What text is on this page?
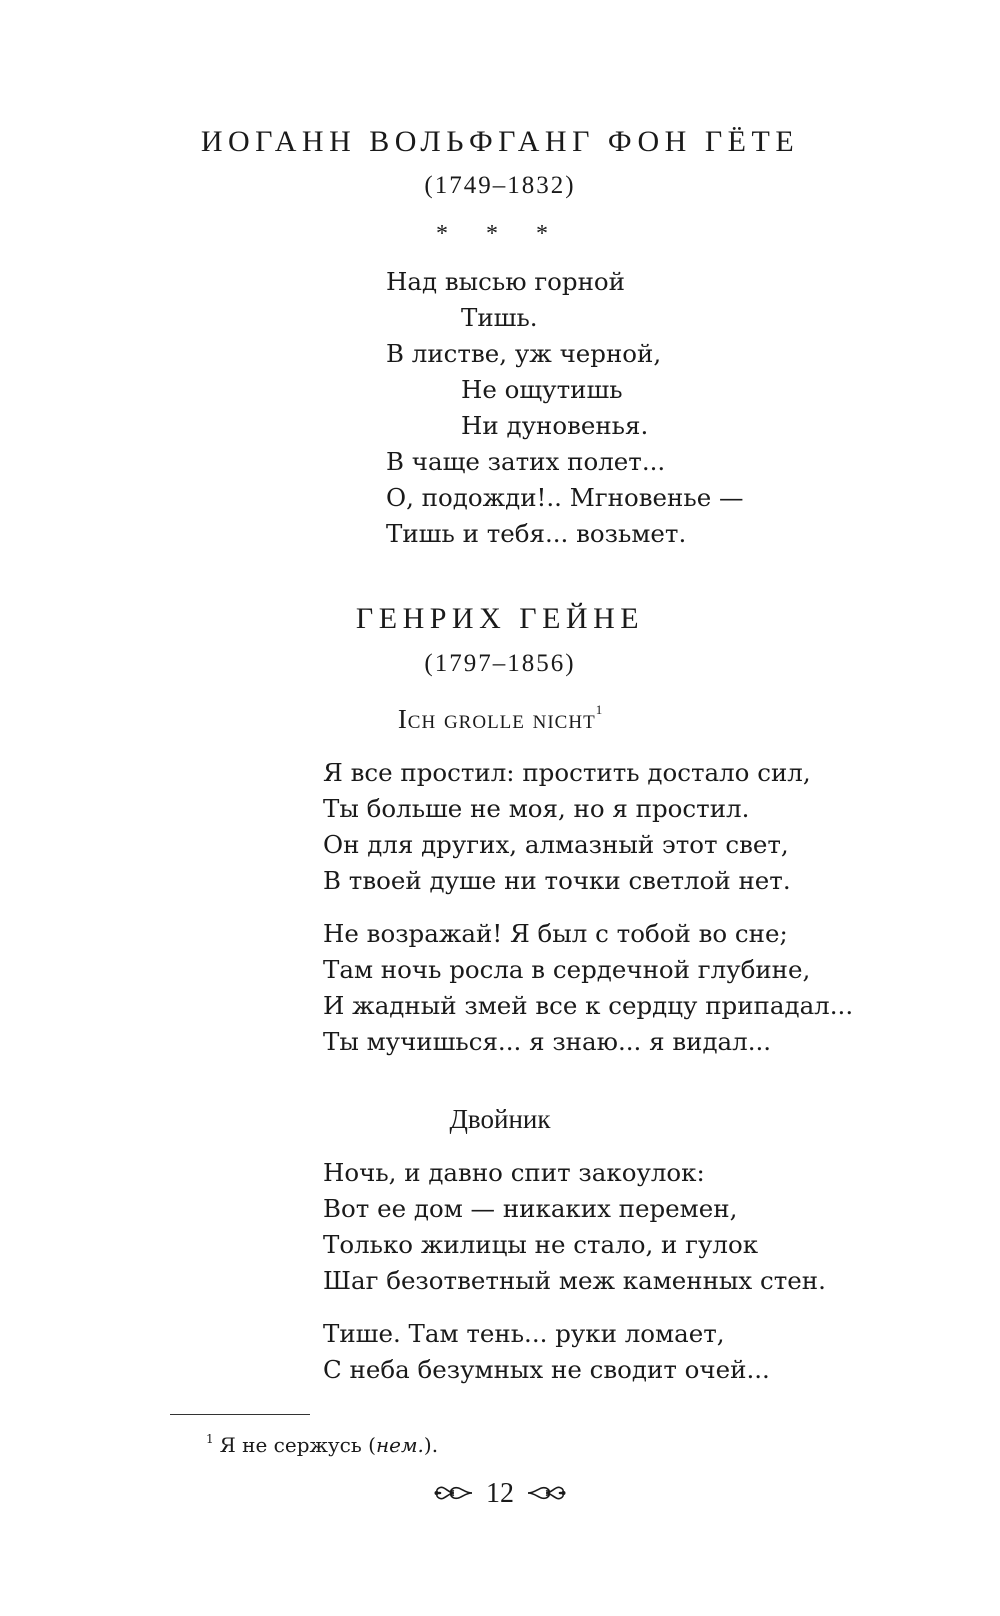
ИОГАНН ВОЛЬФГАНГ ФОН ГЁТЕ
(1749–1832)
* * *
Над высью горной
Тишь.
В листве, уж черной,
Не ощутишь
Ни дуновенья.
В чаще затих полет...
О, подожди!.. Мгновенье —
Тишь и тебя... возьмет.
ГЕНРИХ ГЕЙНЕ
(1797–1856)
Ich grolle nicht$^1$
Я все простил: простить достало сил,
Ты больше не моя, но я простил.
Он для других, алмазный этот свет,
В твоей душе ни точки светлой нет.
Не возражай! Я был с тобой во сне;
Там ночь росла в сердечной глубине,
И жадный змей все к сердцу припадал...
Ты мучишься... я знаю... я видал...
Двойник
Ночь, и давно спит закоулок:
Вот ее дом — никаких перемен,
Только жилицы не стало, и гулок
Шаг безответный меж каменных стен.
Тише. Там тень... руки ломает,
С неба безумных не сводит очей...
$^1$ Я не сержусь (нем.).
12
